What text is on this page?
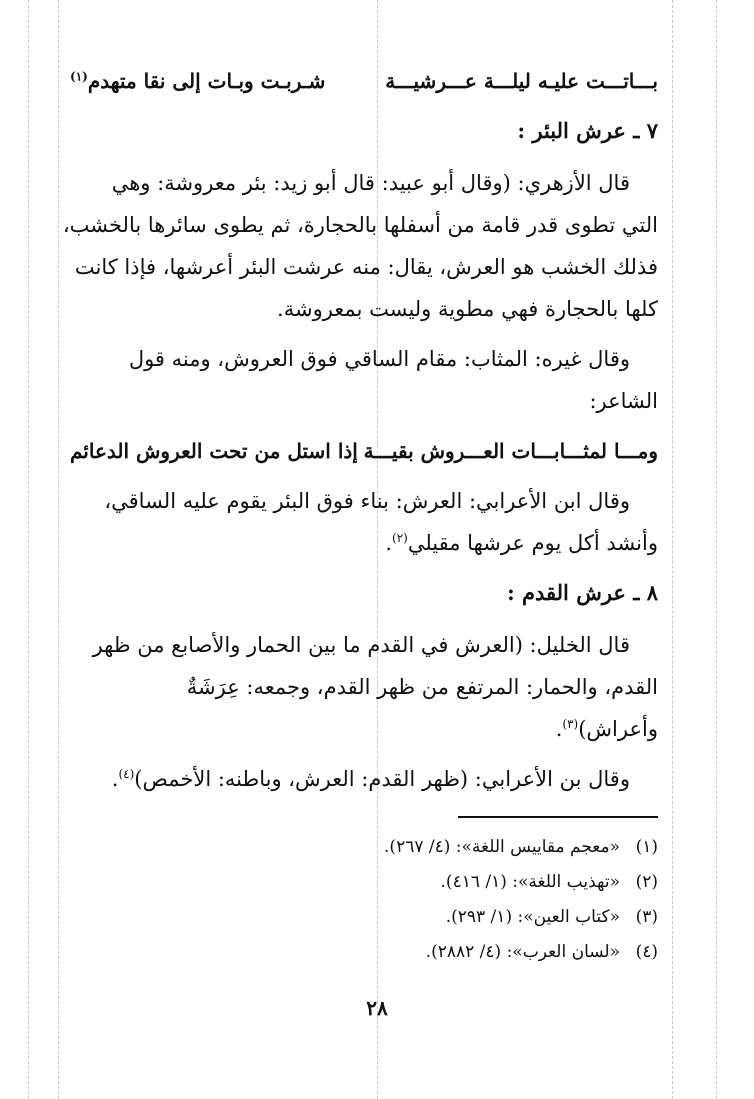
بـــاتـــت عليـه ليلـــة عـــرشيـــة
شـربـت وبـات إلى نقا متهدم$^{(١)}$
٧ ـ عرش البئر :
قال الأزهري: (وقال أبو عبيد: قال أبو زيد: بئر معروشة: وهي
التي تطوى قدر قامة من أسفلها بالحجارة، ثم يطوى سائرها بالخشب،
فذلك الخشب هو العرش، يقال: منه عرشت البئر أعرشها، فإذا كانت
كلها بالحجارة فهي مطوية وليست بمعروشة.
وقال غيره: المثاب: مقام الساقي فوق العروش، ومنه قول
الشاعر:
ومـــا لمثـــابـــات العـــروش بقيـــة
إذا استل من تحت العروش الدعائم
وقال ابن الأعرابي: العرش: بناء فوق البئر يقوم عليه الساقي،
وأنشد أكل يوم عرشها مقيلي$^{(٢)}$.
٨ ـ عرش القدم :
قال الخليل: (العرش في القدم ما بين الحمار والأصابع من ظهر
القدم، والحمار: المرتفع من ظهر القدم، وجمعه: عِرَشَةٌ
وأعراش)$^{(٣)}$.
وقال بن الأعرابي: (ظهر القدم: العرش، وباطنه: الأخمص)$^{(٤)}$.
(١)
«معجم مقاييس اللغة»: (٤/ ٢٦٧).
(٢)
«تهذيب اللغة»: (١/ ٤١٦).
(٣)
«كتاب العين»: (١/ ٢٩٣).
(٤)
«لسان العرب»: (٤/ ٢٨٨٢).
٢٨
